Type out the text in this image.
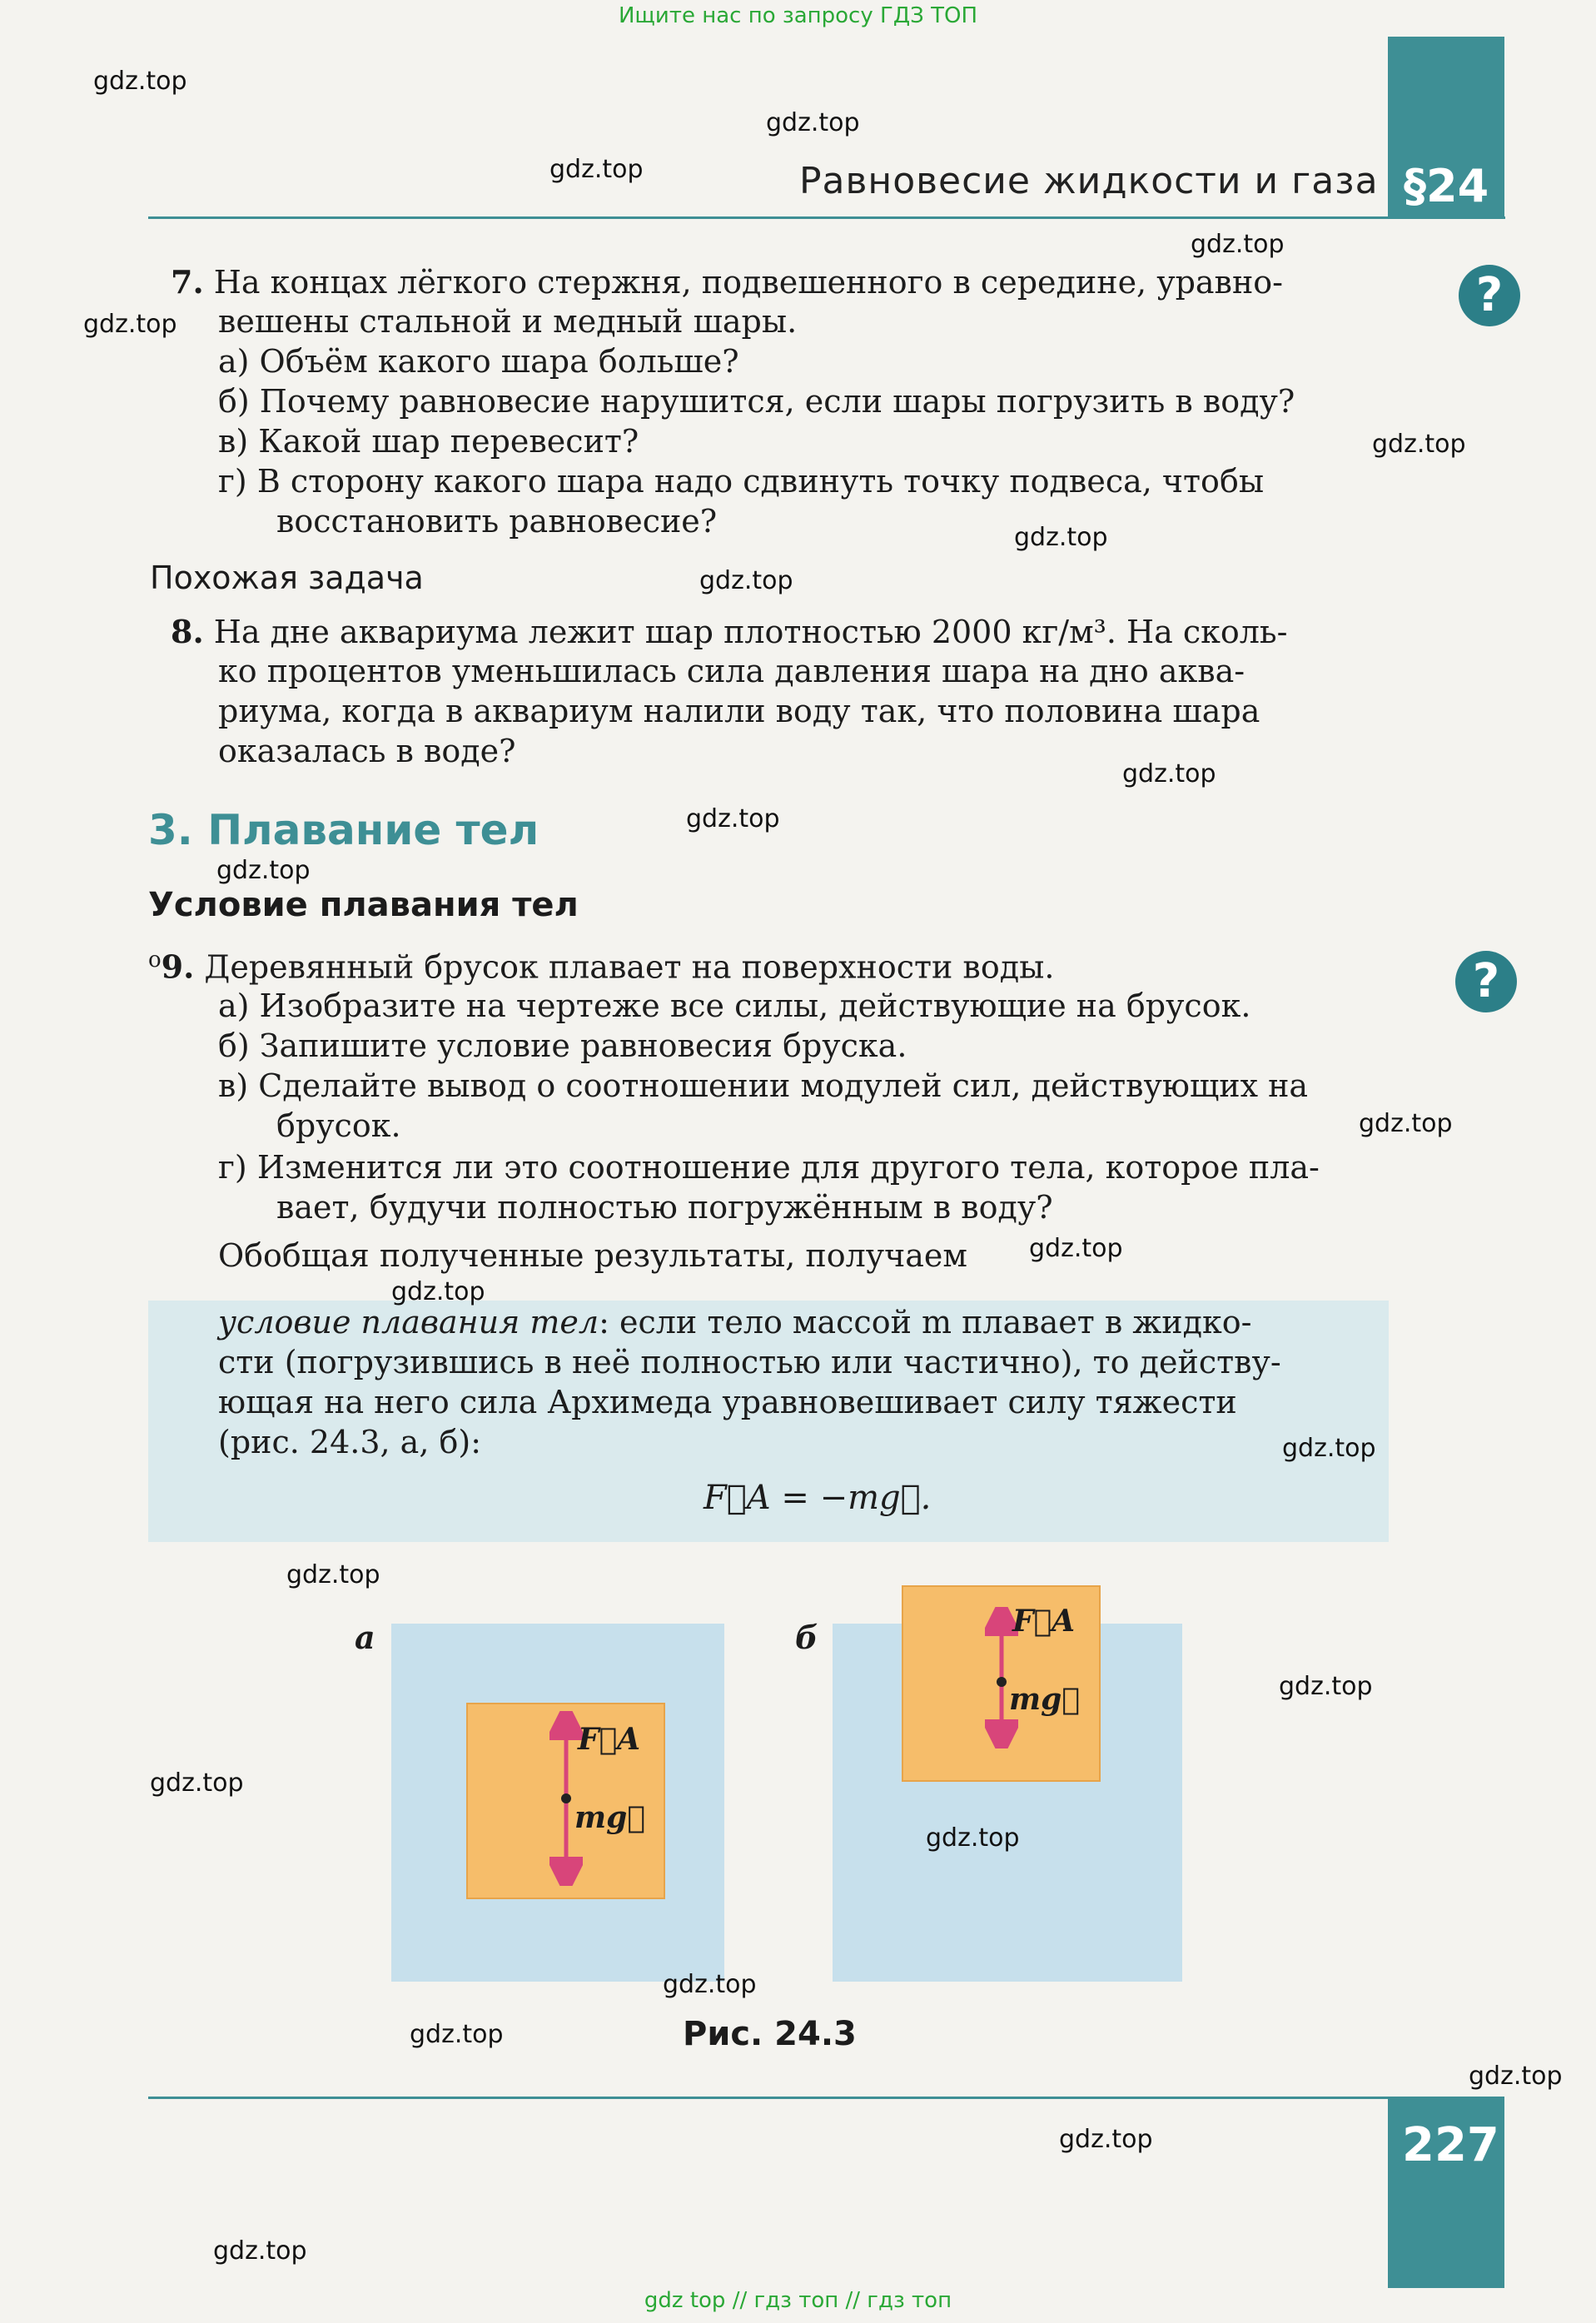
Ищите нас по запросу ГДЗ ТОП
§24
Равновесие жидкости и газа
?
?
7. На концах лёгкого стержня, подвешенного в середине, уравно-
вешены стальной и медный шары.
а) Объём какого шара больше?
б) Почему равновесие нарушится, если шары погрузить в воду?
в) Какой шар перевесит?
г) В сторону какого шара надо сдвинуть точку подвеса, чтобы
восстановить равновесие?
Похожая задача
8. На дне аквариума лежит шар плотностью 2000 кг/м³. На сколь-
ко процентов уменьшилась сила давления шара на дно аква-
риума, когда в аквариум налили воду так, что половина шара
оказалась в воде?
3. Плавание тел
Условие плавания тел
$^о$9. Деревянный брусок плавает на поверхности воды.
а) Изобразите на чертеже все силы, действующие на брусок.
б) Запишите условие равновесия бруска.
в) Сделайте вывод о соотношении модулей сил, действующих на
брусок.
г) Изменится ли это соотношение для другого тела, которое пла-
вает, будучи полностью погружённым в воду?
Обобщая полученные результаты, получаем
условие плавания тел: если тело массой m плавает в жидко-
сти (погрузившись в неё полностью или частично), то действу-
ющая на него сила Архимеда уравновешивает силу тяжести
(рис. 24.3, а, б):
F⃗A = −mg⃗.
а	б
F⃗A
mg⃗
F⃗A
mg⃗
Рис. 24.3
227
gdz.top
gdz.top
gdz.top
gdz.top
gdz.top
gdz.top
gdz.top
gdz.top
gdz.top
gdz.top
gdz.top
gdz.top
gdz.top
gdz.top
gdz.top
gdz.top
gdz.top
gdz.top
gdz.top
gdz.top
gdz.top
gdz.top
gdz.top
gdz.top
gdz top // гдз топ // гдз топ
